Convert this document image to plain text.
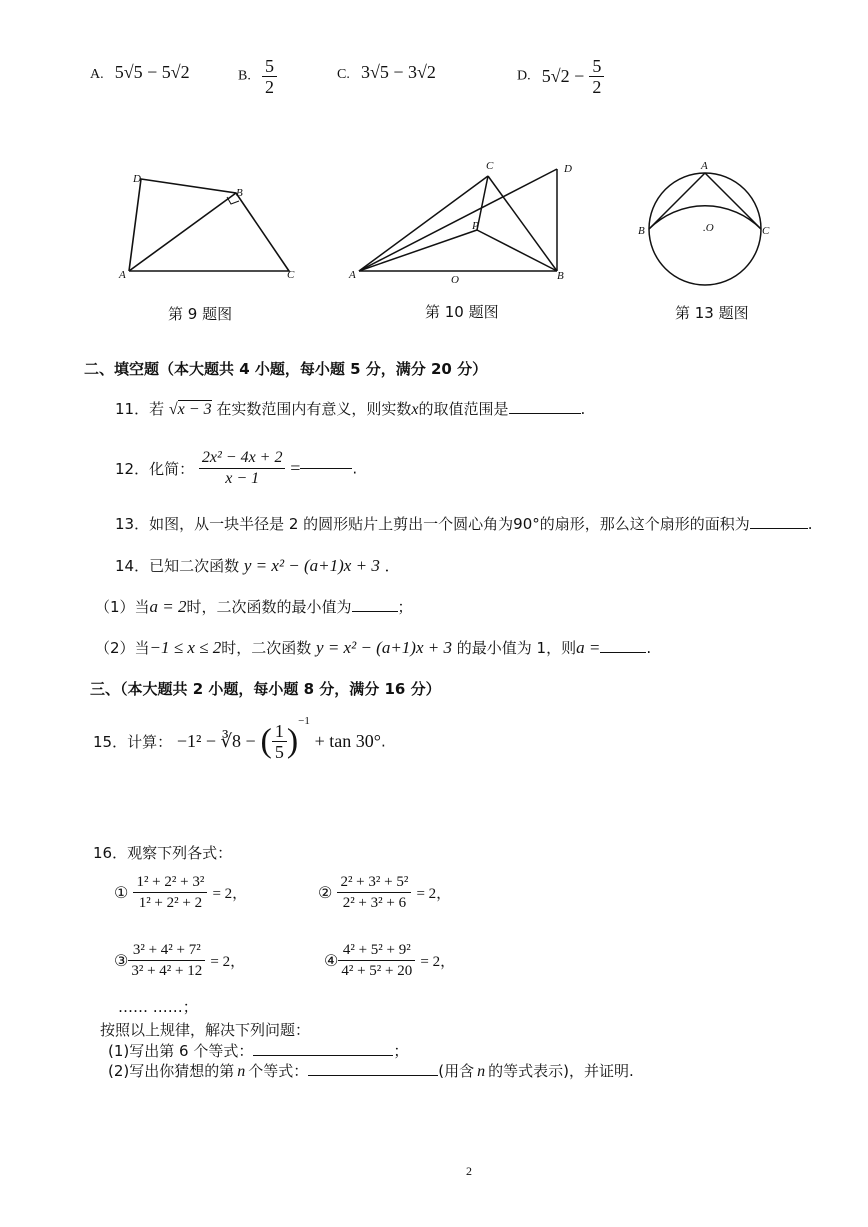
A. 5√5 − 5√2	B. $\frac{5}{2}$	C. 3√5 − 3√2	D. $5√2 - \frac{5}{2}$
A
D
B
C
第 9 题图
A
C	D
P
O	B
第 10 题图
A
B	C
.O
第 13 题图
二、填空题（本大题共 4 小题，每小题 5 分，满分 20 分）
11．若 √x − 3 在实数范围内有意义，则实数x的取值范围是	.
12．化简： $\frac{\text{2x² − 4x + 2}}{x - 1}$ =	.
13．如图，从一块半径是 2 的圆形贴片上剪出一个圆心角为90°的扇形，那么这个扇形的面积为	.
14．已知二次函数 y = x² − (a+1)x + 3 ．
（1）当a = 2时，二次函数的最小值为	；
（2）当−1 ≤ x ≤ 2时，二次函数 y = x² − (a+1)x + 3 的最小值为 1，则a =	.
三、（本大题共 2 小题，每小题 8 分，满分 16 分）
15．计算： −1² − ∛8 − ( $\frac{1}{5} )^{-1} + \tan 30^\circ$.
16．观察下列各式：
① $\frac{\text{1² + 2² + 3²}}{\text{1² + 2² + 2}} = 2$，	② $\frac{\text{2² + 3² + 5²}}{\text{2² + 3² + 6}} = 2$，
③ $\frac{\text{3² + 4² + 7²}}{\text{3² + 4² + 12}} = 2$，	④ $\frac{\text{4² + 5² + 9²}}{\text{4² + 5² + 20}} = 2$，
…… ……；
按照以上规律，解决下列问题：
(1)写出第 6 个等式：	；
(2)写出你猜想的第 n 个等式：	(用含 n 的等式表示)，并证明.
2
